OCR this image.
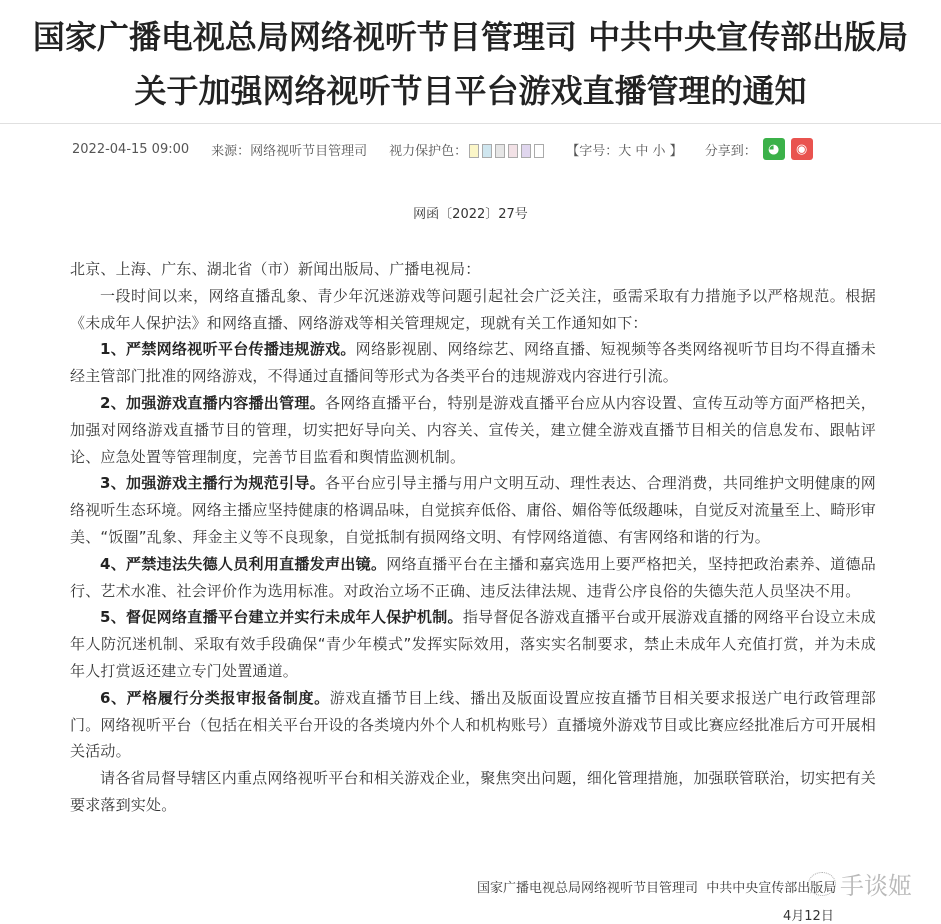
国家广播电视总局网络视听节目管理司 中共中央宣传部出版局
关于加强网络视听节目平台游戏直播管理的通知
2022-04-15 09:00 来源：网络视听节目管理司 视力保护色：	【字号：大 中 小 】 分享到： ◕	◉
网函〔2022〕27号

北京、上海、广东、湖北省（市）新闻出版局、广播电视局：

一段时间以来，网络直播乱象、青少年沉迷游戏等问题引起社会广泛关注，亟需采取有力措施予以严格规范。根据《未成年人保护法》和网络直播、网络游戏等相关管理规定，现就有关工作通知如下：

1、严禁网络视听平台传播违规游戏。网络影视剧、网络综艺、网络直播、短视频等各类网络视听节目均不得直播未经主管部门批准的网络游戏，不得通过直播间等形式为各类平台的违规游戏内容进行引流。

2、加强游戏直播内容播出管理。各网络直播平台，特别是游戏直播平台应从内容设置、宣传互动等方面严格把关，加强对网络游戏直播节目的管理，切实把好导向关、内容关、宣传关，建立健全游戏直播节目相关的信息发布、跟帖评论、应急处置等管理制度，完善节目监看和舆情监测机制。

3、加强游戏主播行为规范引导。各平台应引导主播与用户文明互动、理性表达、合理消费，共同维护文明健康的网络视听生态环境。网络主播应坚持健康的格调品味，自觉摈弃低俗、庸俗、媚俗等低级趣味，自觉反对流量至上、畸形审美、“饭圈”乱象、拜金主义等不良现象，自觉抵制有损网络文明、有悖网络道德、有害网络和谐的行为。

4、严禁违法失德人员利用直播发声出镜。网络直播平台在主播和嘉宾选用上要严格把关，坚持把政治素养、道德品行、艺术水准、社会评价作为选用标准。对政治立场不正确、违反法律法规、违背公序良俗的失德失范人员坚决不用。

5、督促网络直播平台建立并实行未成年人保护机制。指导督促各游戏直播平台或开展游戏直播的网络平台设立未成年人防沉迷机制、采取有效手段确保“青少年模式”发挥实际效用，落实实名制要求，禁止未成年人充值打赏，并为未成年人打赏返还建立专门处置通道。

6、严格履行分类报审报备制度。游戏直播节目上线、播出及版面设置应按直播节目相关要求报送广电行政管理部门。网络视听平台（包括在相关平台开设的各类境内外个人和机构账号）直播境外游戏节目或比赛应经批准后方可开展相关活动。

请各省局督导辖区内重点网络视听平台和相关游戏企业，聚焦突出问题，细化管理措施，加强联管联治，切实把有关要求落到实处。

国家广播电视总局网络视听节目管理司  中共中央宣传部出版局
4月12日
手谈姬
